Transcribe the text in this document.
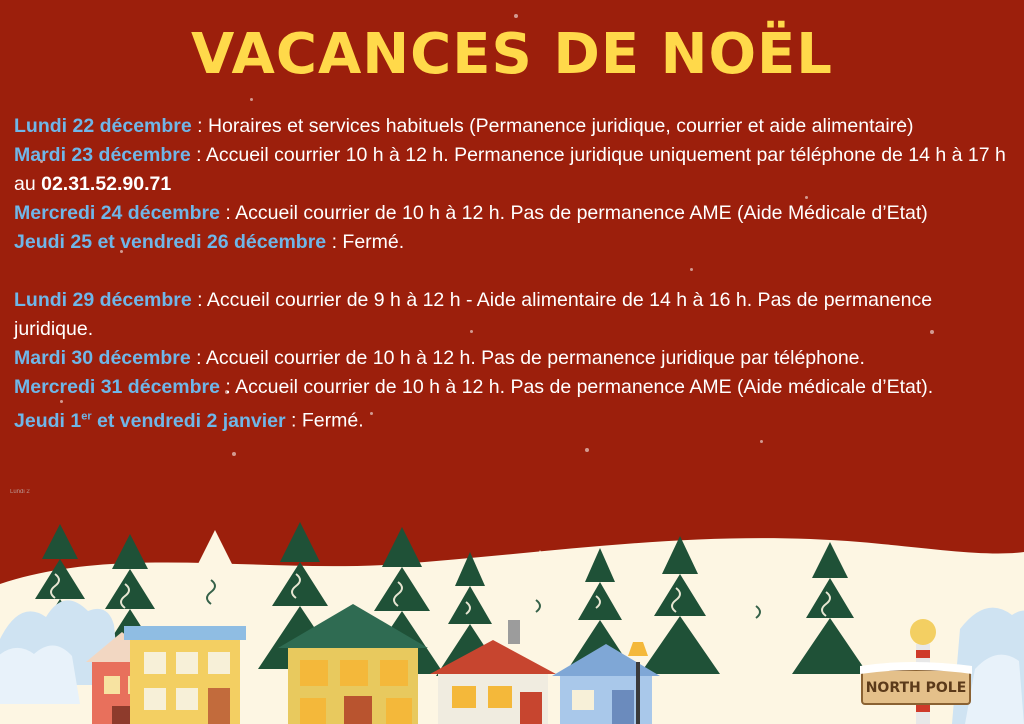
VACANCES DE NOËL

Lundi 22 décembre : Horaires et services habituels (Permanence juridique, courrier et aide alimentaire)

Mardi 23 décembre : Accueil courrier 10 h à 12 h. Permanence juridique uniquement par téléphone de 14 h à 17 h au 02.31.52.90.71

Mercredi 24 décembre : Accueil courrier de 10 h à 12 h. Pas de permanence AME (Aide Médicale d’Etat)

Jeudi 25 et vendredi 26 décembre : Fermé.

Lundi 29 décembre : Accueil courrier de 9 h à 12 h - Aide alimentaire de 14 h à 16 h. Pas de permanence juridique.

Mardi 30 décembre : Accueil courrier de 10 h à 12 h. Pas de permanence juridique par téléphone.

Mercredi 31 décembre : Accueil courrier de 10 h à 12 h. Pas de permanence AME (Aide médicale d’Etat).

Jeudi 1er et vendredi 2 janvier : Fermé.

Lundi 2
NORTH POLE
